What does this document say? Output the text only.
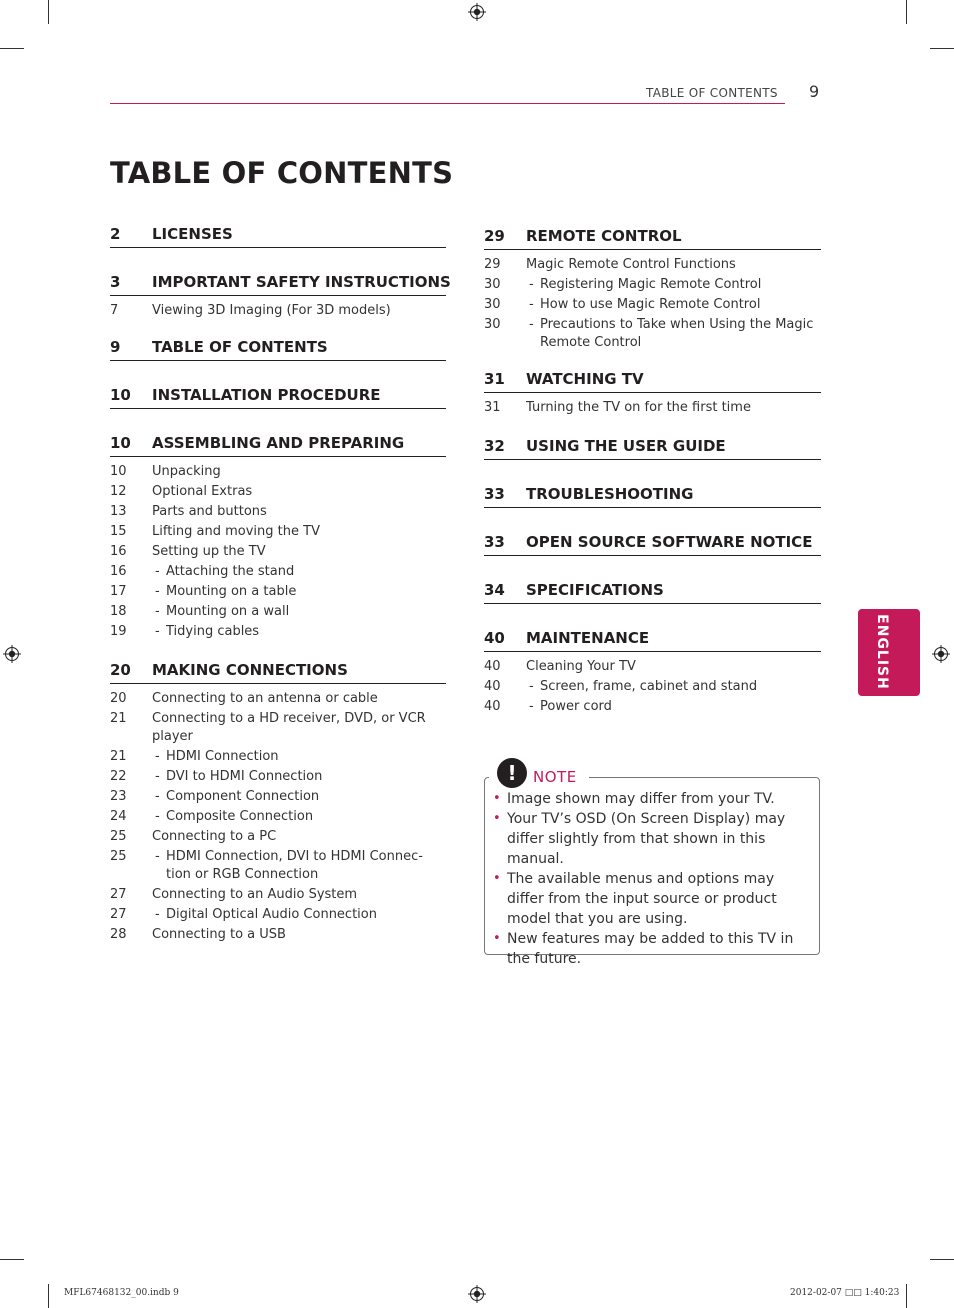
TABLE OF CONTENTS 9
TABLE OF CONTENTS
2	LICENSES
3	IMPORTANT SAFETY INSTRUCTIONS
7	Viewing 3D Imaging (For 3D models)
9	TABLE OF CONTENTS
10	INSTALLATION PROCEDURE
10	ASSEMBLING AND PREPARING
10	Unpacking
12	Optional Extras
13	Parts and buttons
15	Lifting and moving the TV
16	Setting up the TV
16	- Attaching the stand
17	- Mounting on a table
18	- Mounting on a wall
19	- Tidying cables
20	MAKING CONNECTIONS
20	Connecting to an antenna or cable
21	Connecting to a HD receiver, DVD, or VCR player
21	- HDMI Connection
22	- DVI to HDMI Connection
23	- Component Connection
24	- Composite Connection
25	Connecting to a PC
25	- HDMI Connection, DVI to HDMI Connec-tion or RGB Connection
27	Connecting to an Audio System
27	- Digital Optical Audio Connection
28	Connecting to a USB
29	REMOTE CONTROL
29	Magic Remote Control Functions
30	- Registering Magic Remote Control
30	- How to use Magic Remote Control
30	- Precautions to Take when Using the Magic Remote Control
31	WATCHING TV
31	Turning the TV on for the first time
32	USING THE USER GUIDE
33	TROUBLESHOOTING
33	OPEN SOURCE SOFTWARE NOTICE
34	SPECIFICATIONS
40	MAINTENANCE
40	Cleaning Your TV
40	- Screen, frame, cabinet and stand
40	- Power cord
ENGLISH
!	NOTE
• Image shown may differ from your TV.
• Your TV’s OSD (On Screen Display) may differ slightly from that shown in this manual.
• The available menus and options may differ from the input source or product model that you are using.
• New features may be added to this TV in the future.
MFL67468132_00.indb 9	2012-02-07 □□ 1:40:23
